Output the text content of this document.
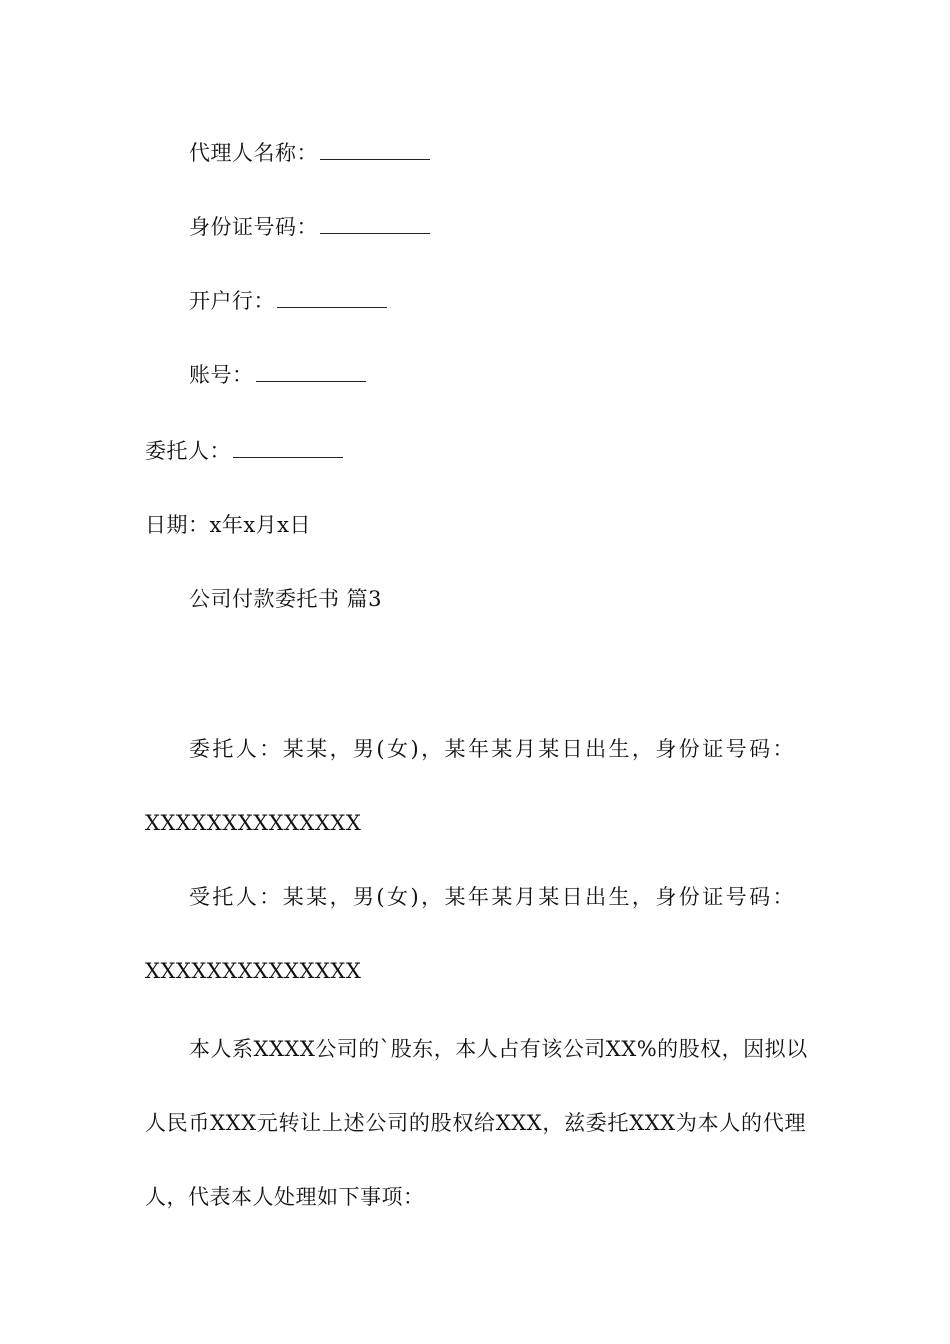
代理人名称：
身份证号码：
开户行：
账号：
委托人：
日期：x年x月x日
公司付款委托书 篇3
委托人：某某，男(女)，某年某月某日出生，身份证号码：
XXXXXXXXXXXXXX
受托人：某某，男(女)，某年某月某日出生，身份证号码：
XXXXXXXXXXXXXX
本人系XXXX公司的`股东，本人占有该公司XX%的股权，因拟以
人民币XXX元转让上述公司的股权给XXX，兹委托XXX为本人的代理
人，代表本人处理如下事项：
